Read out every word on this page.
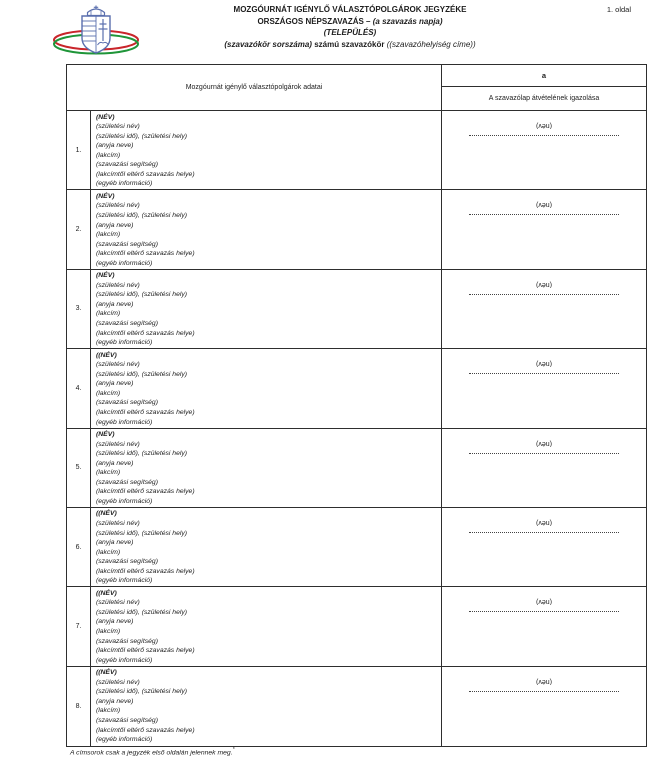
MOZGÓURNÁT IGÉNYLŐ VÁLASZTÓPOLGÁROK JEGYZÉKE
ORSZÁGOS NÉPSZAVAZÁS – (a szavazás napja)
(TELEPÜLÉS)
(szavazókör sorszáma) számú szavazókör ((szavazóhelyiség címe))
1. oldal
Mozgóurnát igénylő választópolgárok adatai
a
A szavazólap átvételének igazolása
1.
(NÉV)
(születési név)
(születési idő), (születési hely)
(anyja neve)
(lakcím)
(szavazási segítség)
(lakcímtől eltérő szavazás helye)
(egyéb információ)
(név)
2.
(NÉV)
(születési név)
(születési idő), (születési hely)
(anyja neve)
(lakcím)
(szavazási segítség)
(lakcímtől eltérő szavazás helye)
(egyéb információ)
(név)
3.
(NÉV)
(születési név)
(születési idő), (születési hely)
(anyja neve)
(lakcím)
(szavazási segítség)
(lakcímtől eltérő szavazás helye)
(egyéb információ)
(név)
4.
((NÉV)
(születési név)
(születési idő), (születési hely)
(anyja neve)
(lakcím)
(szavazási segítség)
(lakcímtől eltérő szavazás helye)
(egyéb információ)
(név)
5.
(NÉV)
(születési név)
(születési idő), (születési hely)
(anyja neve)
(lakcím)
(szavazási segítség)
(lakcímtől eltérő szavazás helye)
(egyéb információ)
(név)
6.
((NÉV)
(születési név)
(születési idő), (születési hely)
(anyja neve)
(lakcím)
(szavazási segítség)
(lakcímtől eltérő szavazás helye)
(egyéb információ)
(név)
7.
((NÉV)
(születési név)
(születési idő), (születési hely)
(anyja neve)
(lakcím)
(szavazási segítség)
(lakcímtől eltérő szavazás helye)
(egyéb információ)
(név)
8.
((NÉV)
(születési név)
(születési idő), (születési hely)
(anyja neve)
(lakcím)
(szavazási segítség)
(lakcímtől eltérő szavazás helye)
(egyéb információ)
(név)
A címsorok csak a jegyzék első oldalán jelennek meg.*
